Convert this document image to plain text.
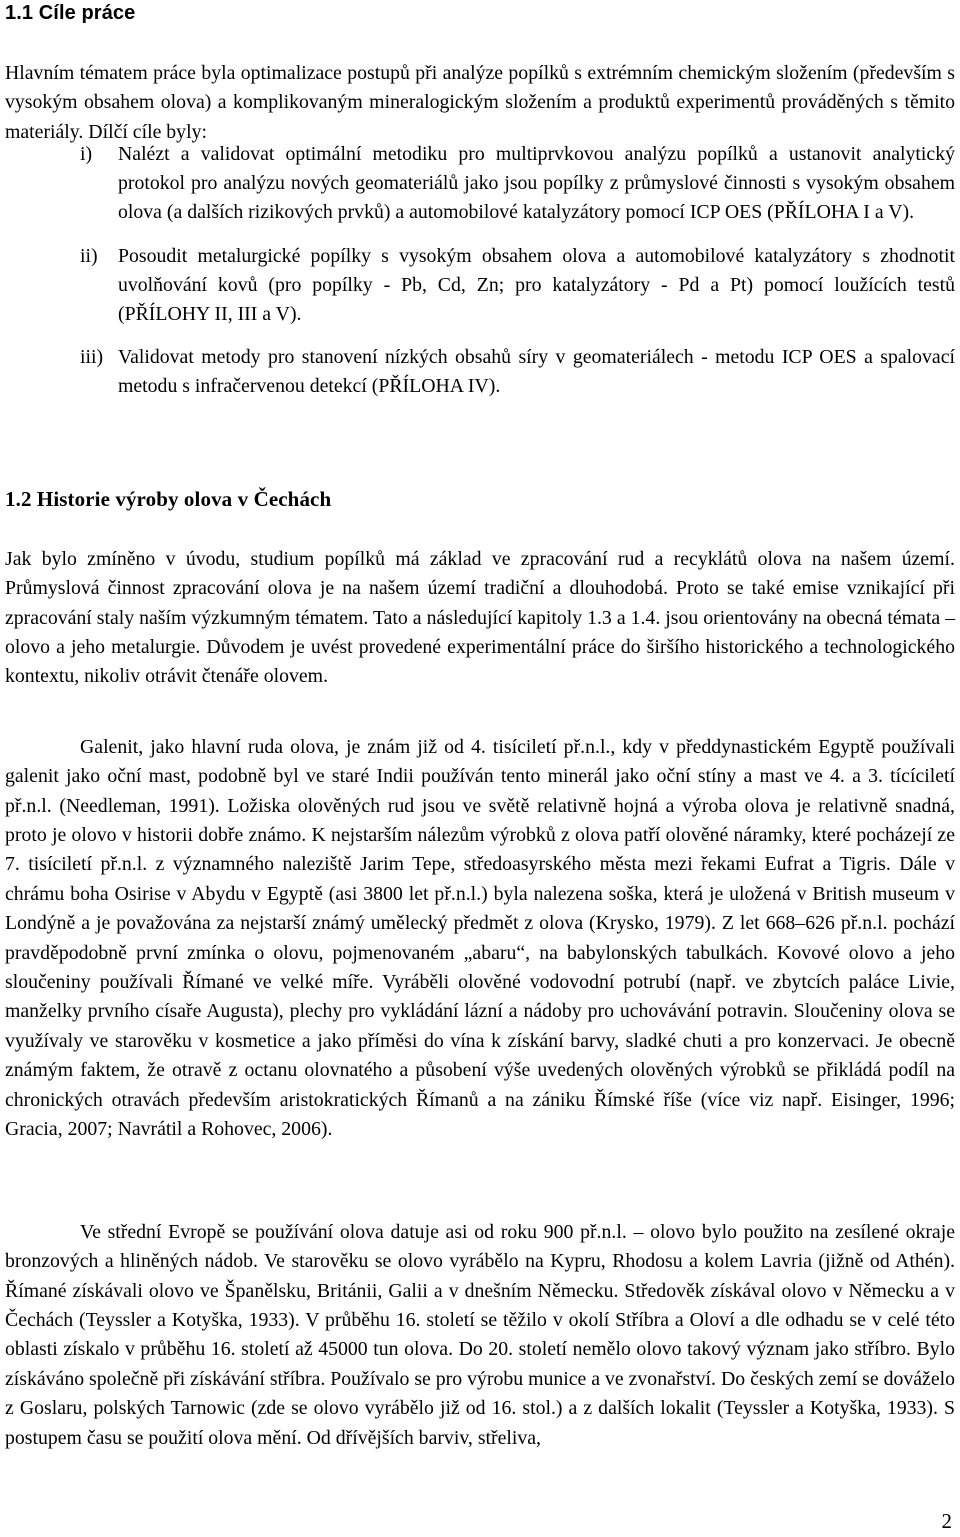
1.1 Cíle práce

Hlavním tématem práce byla optimalizace postupů při analýze popílků s extrémním chemickým složením (především s vysokým obsahem olova) a komplikovaným mineralogickým složením a produktů experimentů prováděných s těmito materiály. Dílčí cíle byly:

i) Nalézt a validovat optimální metodiku pro multiprvkovou analýzu popílků a ustanovit analytický protokol pro analýzu nových geomateriálů jako jsou popílky z průmyslové činnosti s vysokým obsahem olova (a dalších rizikových prvků) a automobilové katalyzátory pomocí ICP OES (PŘÍLOHA I a V).
ii) Posoudit metalurgické popílky s vysokým obsahem olova a automobilové katalyzátory s zhodnotit uvolňování kovů (pro popílky - Pb, Cd, Zn; pro katalyzátory - Pd a Pt) pomocí loužících testů (PŘÍLOHY II, III a V).
iii) Validovat metody pro stanovení nízkých obsahů síry v geomateriálech - metodu ICP OES a spalovací metodu s infračervenou detekcí (PŘÍLOHA IV).
1.2 Historie výroby olova v Čechách

Jak bylo zmíněno v úvodu, studium popílků má základ ve zpracování rud a recyklátů olova na našem území. Průmyslová činnost zpracování olova je na našem území tradiční a dlouhodobá. Proto se také emise vznikající při zpracování staly naším výzkumným tématem. Tato a následující kapitoly 1.3 a 1.4. jsou orientovány na obecná témata – olovo a jeho metalurgie. Důvodem je uvést provedené experimentální práce do širšího historického a technologického kontextu, nikoliv otrávit čtenáře olovem.

Galenit, jako hlavní ruda olova, je znám již od 4. tisíciletí př.n.l., kdy v předdynastickém Egyptě používali galenit jako oční mast, podobně byl ve staré Indii používán tento minerál jako oční stíny a mast ve 4. a 3. tícíciletí př.n.l. (Needleman, 1991). Ložiska olověných rud jsou ve světě relativně hojná a výroba olova je relativně snadná, proto je olovo v historii dobře známo. K nejstarším nálezům výrobků z olova patří olověné náramky, které pocházejí ze 7. tisíciletí př.n.l. z významného naleziště Jarim Tepe, středoasyrského města mezi řekami Eufrat a Tigris. Dále v chrámu boha Osirise v Abydu v Egyptě (asi 3800 let př.n.l.) byla nalezena soška, která je uložená v British museum v Londýně a je považována za nejstarší známý umělecký předmět z olova (Krysko, 1979). Z let 668–626 př.n.l. pochází pravděpodobně první zmínka o olovu, pojmenovaném „abaru“, na babylonských tabulkách. Kovové olovo a jeho sloučeniny používali Římané ve velké míře. Vyráběli olověné vodovodní potrubí (např. ve zbytcích paláce Livie, manželky prvního císaře Augusta), plechy pro vykládání lázní a nádoby pro uchovávání potravin. Sloučeniny olova se využívaly ve starověku v kosmetice a jako příměsi do vína k získání barvy, sladké chuti a pro konzervaci. Je obecně známým faktem, že otravě z octanu olovnatého a působení výše uvedených olověných výrobků se přikládá podíl na chronických otravách především aristokratických Římanů a na zániku Římské říše (více viz např. Eisinger, 1996; Gracia, 2007; Navrátil a Rohovec, 2006).

Ve střední Evropě se používání olova datuje asi od roku 900 př.n.l. – olovo bylo použito na zesílené okraje bronzových a hliněných nádob. Ve starověku se olovo vyrábělo na Kypru, Rhodosu a kolem Lavria (jižně od Athén). Římané získávali olovo ve Španělsku, Británii, Galii a v dnešním Německu. Středověk získával olovo v Německu a v Čechách (Teyssler a Kotyška, 1933). V průběhu 16. století se těžilo v okolí Stříbra a Oloví a dle odhadu se v celé této oblasti získalo v průběhu 16. století až 45000 tun olova. Do 20. století nemělo olovo takový význam jako stříbro. Bylo získáváno společně při získávání stříbra. Používalo se pro výrobu munice a ve zvonařství. Do českých zemí se dováželo z Goslaru, polských Tarnowic (zde se olovo vyrábělo již od 16. stol.) a z dalších lokalit (Teyssler a Kotyška, 1933). S postupem času se použití olova mění. Od dřívějších barviv, střeliva,

2
